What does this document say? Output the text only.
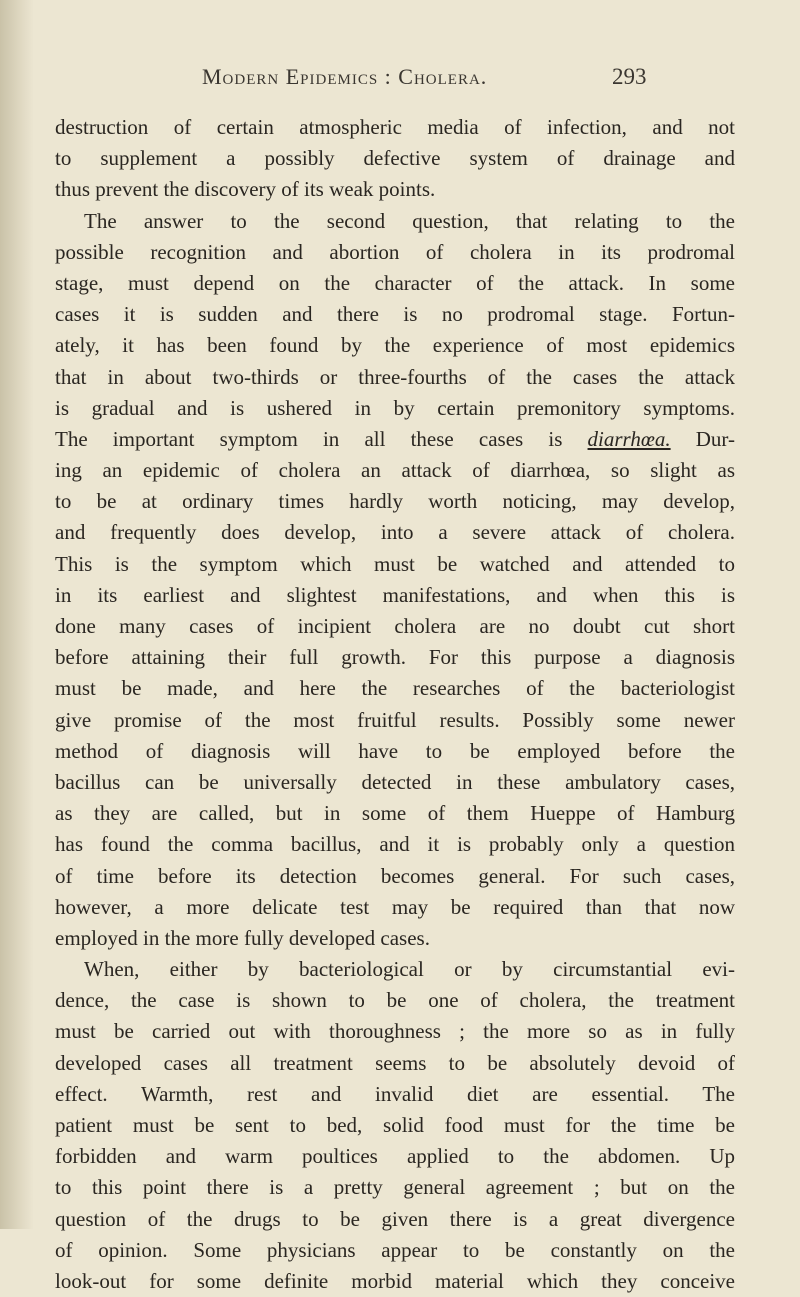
Modern Epidemics : Cholera.	293
destruction of certain atmospheric media of infection, and not
to supplement a possibly defective system of drainage and
thus prevent the discovery of its weak points.
The answer to the second question, that relating to the
possible recognition and abortion of cholera in its prodromal
stage, must depend on the character of the attack. In some
cases it is sudden and there is no prodromal stage. Fortun-
ately, it has been found by the experience of most epidemics
that in about two-thirds or three-fourths of the cases the attack
is gradual and is ushered in by certain premonitory symptoms.
The important symptom in all these cases is diarrhœa. Dur-
ing an epidemic of cholera an attack of diarrhœa, so slight as
to be at ordinary times hardly worth noticing, may develop,
and frequently does develop, into a severe attack of cholera.
This is the symptom which must be watched and attended to
in its earliest and slightest manifestations, and when this is
done many cases of incipient cholera are no doubt cut short
before attaining their full growth. For this purpose a diagnosis
must be made, and here the researches of the bacteriologist
give promise of the most fruitful results. Possibly some newer
method of diagnosis will have to be employed before the
bacillus can be universally detected in these ambulatory cases,
as they are called, but in some of them Hueppe of Hamburg
has found the comma bacillus, and it is probably only a question
of time before its detection becomes general. For such cases,
however, a more delicate test may be required than that now
employed in the more fully developed cases.
When, either by bacteriological or by circumstantial evi-
dence, the case is shown to be one of cholera, the treatment
must be carried out with thoroughness ; the more so as in fully
developed cases all treatment seems to be absolutely devoid of
effect. Warmth, rest and invalid diet are essential. The
patient must be sent to bed, solid food must for the time be
forbidden and warm poultices applied to the abdomen. Up
to this point there is a pretty general agreement ; but on the
question of the drugs to be given there is a great divergence
of opinion. Some physicians appear to be constantly on the
look-out for some definite morbid material which they conceive
